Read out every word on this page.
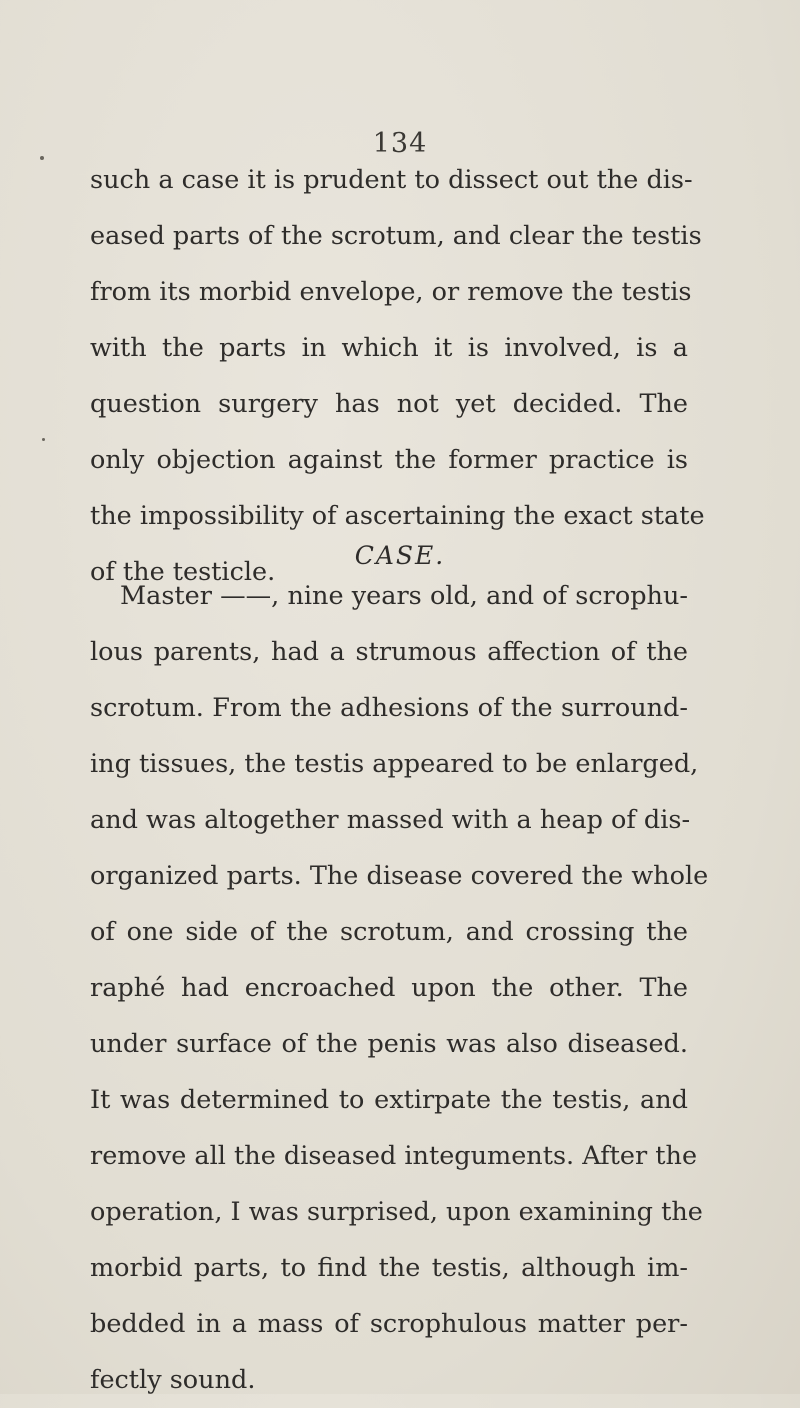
134
such a case it is prudent to dissect out the dis-
eased parts of the scrotum, and clear the testis
from its morbid envelope, or remove the testis
with the parts in which it is involved, is a
question surgery has not yet decided. The
only objection against the former practice is
the impossibility of ascertaining the exact state
of the testicle.
CASE.
Master ——, nine years old, and of scrophu-
lous parents, had a strumous affection of the
scrotum. From the adhesions of the surround-
ing tissues, the testis appeared to be enlarged,
and was altogether massed with a heap of dis-
organized parts. The disease covered the whole
of one side of the scrotum, and crossing the
raphé had encroached upon the other. The
under surface of the penis was also diseased.
It was determined to extirpate the testis, and
remove all the diseased integuments. After the
operation, I was surprised, upon examining the
morbid parts, to find the testis, although im-
bedded in a mass of scrophulous matter per-
fectly sound.
